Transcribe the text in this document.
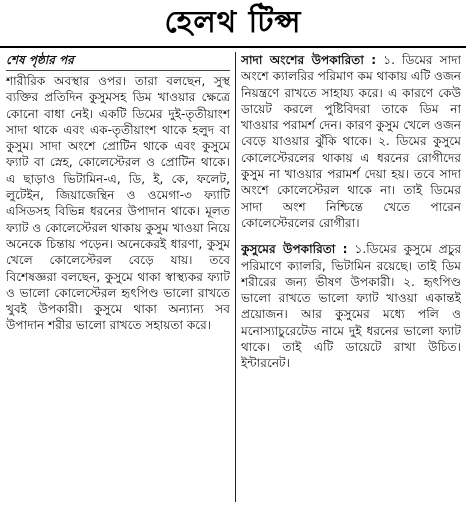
হেলথ টিপ্স
শেষ পৃষ্ঠার পর

শারীরিক অবস্থার ওপর। তারা বলছেন, সুস্থ ব্যক্তির প্রতিদিন কুসুমসহ ডিম খাওয়ার ক্ষেত্রে কোনো বাধা নেই। একটি ডিমের দুই-তৃতীয়াংশ সাদা থাকে এবং এক-তৃতীয়াংশ থাকে হলুদ বা কুসুম। সাদা অংশে প্রোটিন থাকে এবং কুসুমে ফ্যাট বা স্নেহ, কোলেস্টেরল ও প্রোটিন থাকে। এ ছাড়াও ভিটামিন-এ, ডি, ই, কে, ফলেট, লুটেইন, জিয়াজেন্থিন ও ওমেগা-৩ ফ্যাটি এসিডসহ বিভিন্ন ধরনের উপাদান থাকে। মূলত ফ্যাট ও কোলেস্টেরল থাকায় কুসুম খাওয়া নিয়ে অনেকে চিন্তায় পড়েন। অনেকেরই ধারণা, কুসুম খেলে কোলেস্টেরল বেড়ে যায়। তবে বিশেষজ্ঞরা বলছেন, কুসুমে থাকা স্বাস্থ্যকর ফ্যাট ও ভালো কোলেস্টেরল হৃৎপিণ্ড ভালো রাখতে খুবই উপকারী। কুসুমে থাকা অন্যান্য সব উপাদান শরীর ভালো রাখতে সহায়তা করে।

সাদা অংশের উপকারিতা : ১. ডিমের সাদা অংশে ক্যালরির পরিমাণ কম থাকায় এটি ওজন নিয়ন্ত্রণে রাখতে সাহায্য করে। এ কারণে কেউ ডায়েট করলে পুষ্টিবিদরা তাকে ডিম না খাওয়ার পরামর্শ দেন। কারণ কুসুম খেলে ওজন বেড়ে যাওয়ার ঝুঁকি থাকে। ২. ডিমের কুসুমে কোলেস্টেরলের থাকায় এ ধরনের রোগীদের কুসুম না খাওয়ার পরামর্শ দেয়া হয়। তবে সাদা অংশে কোলেস্টেরল থাকে না। তাই ডিমের সাদা অংশ নিশ্চিন্তে খেতে পারেন কোলেস্টেরলের রোগীরা।

কুসুমের উপকারিতা : ১.ডিমের কুসুমে প্রচুর পরিমাণে ক্যালরি, ভিটামিন রয়েছে। তাই ডিম শরীরের জন্য ভীষণ উপকারী। ২. হৃৎপিণ্ড ভালো রাখতে ভালো ফ্যাট খাওয়া একান্তই প্রয়োজন। আর কুসুমের মধ্যে পলি ও মনোস্যাচুরেটেড নামে দুই ধরনের ভালো ফ্যাট থাকে। তাই এটি ডায়েটে রাখা উচিত। ইন্টারনেট।
